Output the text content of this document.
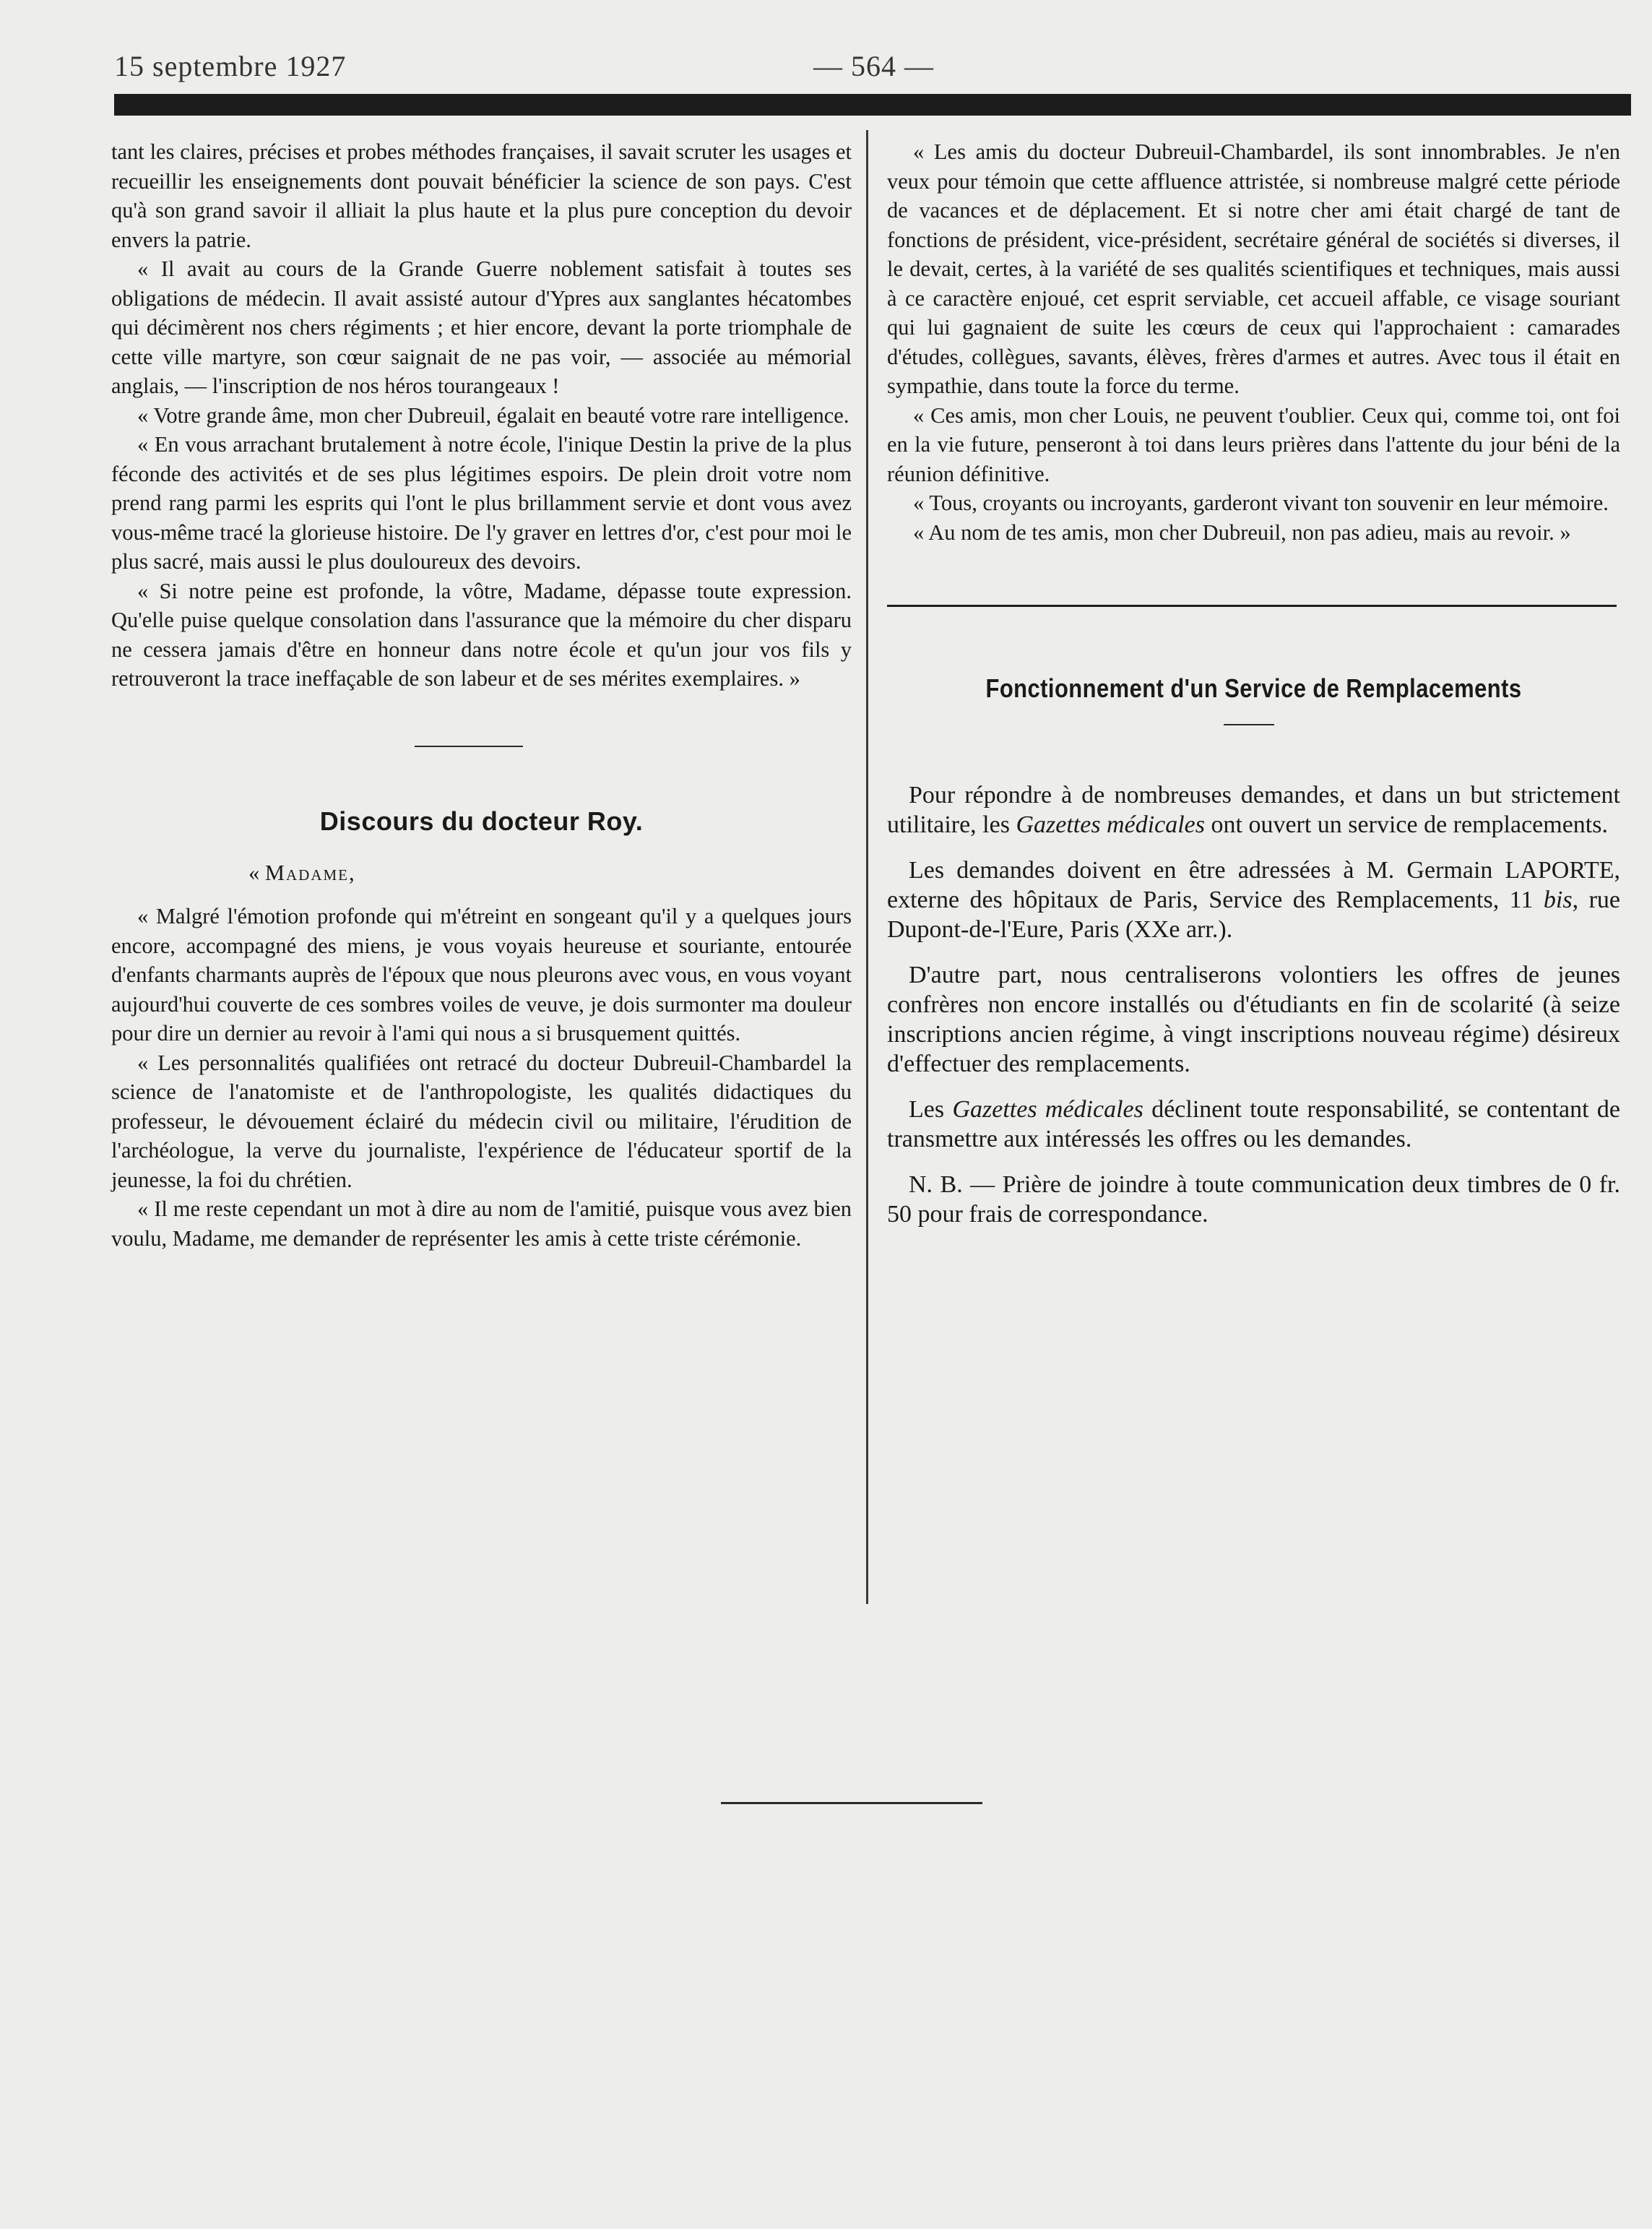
15 septembre 1927	— 564 —

tant les claires, précises et probes méthodes françaises, il savait scruter les usages et recueillir les enseignements dont pouvait bénéficier la science de son pays. C'est qu'à son grand savoir il alliait la plus haute et la plus pure conception du devoir envers la patrie.

« Il avait au cours de la Grande Guerre noblement satisfait à toutes ses obligations de médecin. Il avait assisté autour d'Ypres aux sanglantes hécatombes qui décimèrent nos chers régiments ; et hier encore, devant la porte triomphale de cette ville martyre, son cœur saignait de ne pas voir, — associée au mémorial anglais, — l'inscription de nos héros tourangeaux !

« Votre grande âme, mon cher Dubreuil, égalait en beauté votre rare intelligence.

« En vous arrachant brutalement à notre école, l'inique Destin la prive de la plus féconde des activités et de ses plus légitimes espoirs. De plein droit votre nom prend rang parmi les esprits qui l'ont le plus brillamment servie et dont vous avez vous-même tracé la glorieuse histoire. De l'y graver en lettres d'or, c'est pour moi le plus sacré, mais aussi le plus douloureux des devoirs.

« Si notre peine est profonde, la vôtre, Madame, dépasse toute expression. Qu'elle puise quelque consolation dans l'assurance que la mémoire du cher disparu ne cessera jamais d'être en honneur dans notre école et qu'un jour vos fils y retrouveront la trace ineffaçable de son labeur et de ses mérites exemplaires. »

Discours du docteur Roy.
« Madame,

« Malgré l'émotion profonde qui m'étreint en songeant qu'il y a quelques jours encore, accompagné des miens, je vous voyais heureuse et souriante, entourée d'enfants charmants auprès de l'époux que nous pleurons avec vous, en vous voyant aujourd'hui couverte de ces sombres voiles de veuve, je dois surmonter ma douleur pour dire un dernier au revoir à l'ami qui nous a si brusquement quittés.

« Les personnalités qualifiées ont retracé du docteur Dubreuil-Chambardel la science de l'anatomiste et de l'anthropologiste, les qualités didactiques du professeur, le dévouement éclairé du médecin civil ou militaire, l'érudition de l'archéologue, la verve du journaliste, l'expérience de l'éducateur sportif de la jeunesse, la foi du chrétien.

« Il me reste cependant un mot à dire au nom de l'amitié, puisque vous avez bien voulu, Madame, me demander de représenter les amis à cette triste cérémonie.

« Les amis du docteur Dubreuil-Chambardel, ils sont innombrables. Je n'en veux pour témoin que cette affluence attristée, si nombreuse malgré cette période de vacances et de déplacement. Et si notre cher ami était chargé de tant de fonctions de président, vice-président, secrétaire général de sociétés si diverses, il le devait, certes, à la variété de ses qualités scientifiques et techniques, mais aussi à ce caractère enjoué, cet esprit serviable, cet accueil affable, ce visage souriant qui lui gagnaient de suite les cœurs de ceux qui l'approchaient : camarades d'études, collègues, savants, élèves, frères d'armes et autres. Avec tous il était en sympathie, dans toute la force du terme.

« Ces amis, mon cher Louis, ne peuvent t'oublier. Ceux qui, comme toi, ont foi en la vie future, penseront à toi dans leurs prières dans l'attente du jour béni de la réunion définitive.

« Tous, croyants ou incroyants, garderont vivant ton souvenir en leur mémoire.

« Au nom de tes amis, mon cher Dubreuil, non pas adieu, mais au revoir. »

Fonctionnement d'un Service de Remplacements

Pour répondre à de nombreuses demandes, et dans un but strictement utilitaire, les Gazettes médicales ont ouvert un service de remplacements.

Les demandes doivent en être adressées à M. Germain LAPORTE, externe des hôpitaux de Paris, Service des Remplacements, 11 bis, rue Dupont-de-l'Eure, Paris (XXe arr.).

D'autre part, nous centraliserons volontiers les offres de jeunes confrères non encore installés ou d'étudiants en fin de scolarité (à seize inscriptions ancien régime, à vingt inscriptions nouveau régime) désireux d'effectuer des remplacements.

Les Gazettes médicales déclinent toute responsabilité, se contentant de transmettre aux intéressés les offres ou les demandes.

N. B. — Prière de joindre à toute communication deux timbres de 0 fr. 50 pour frais de correspondance.
